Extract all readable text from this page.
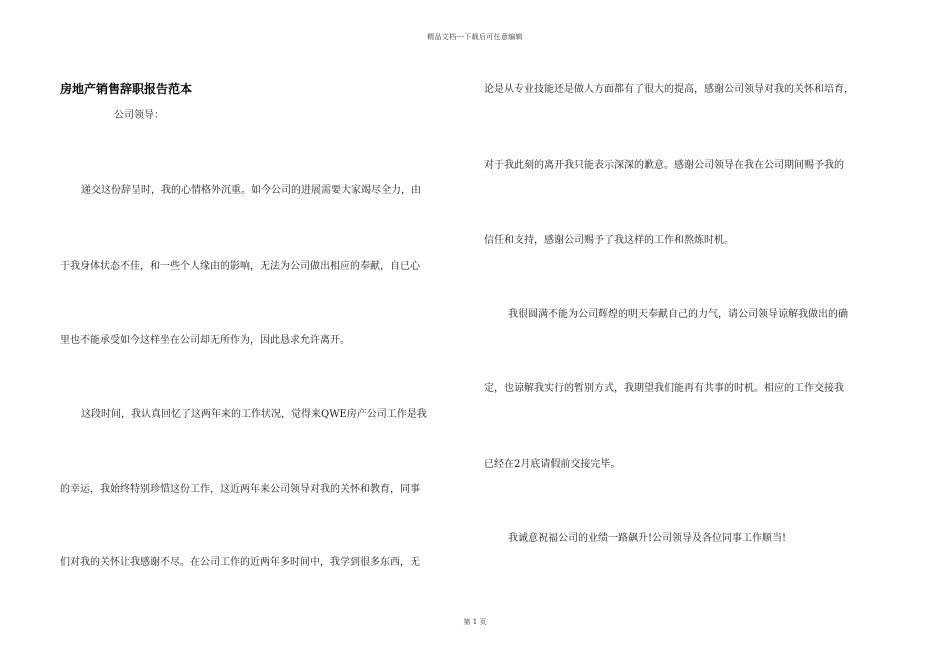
精品文档---下载后可任意编辑
房地产销售辞职报告范本
公司领导：
递交这份辞呈时，我的心情格外沉重。如今公司的进展需要大家竭尽全力，由
于我身体状态不佳，和一些个人缘由的影响，无法为公司做出相应的奉献，自已心
里也不能承受如今这样坐在公司却无所作为，因此恳求允许离开。
这段时间，我认真回忆了这两年来的工作状况，觉得来QWE房产公司工作是我
的幸运，我始终特别珍惜这份工作，这近两年来公司领导对我的关怀和教育，同事
们对我的关怀让我感谢不尽。在公司工作的近两年多时间中，我学到很多东西，无
论是从专业技能还是做人方面都有了很大的提高，感谢公司领导对我的关怀和培育，
对于我此刻的离开我只能表示深深的歉意。感谢公司领导在我在公司期间赐予我的
信任和支持，感谢公司赐予了我这样的工作和熬炼时机。
我很圆满不能为公司辉煌的明天奉献自己的力气，请公司领导谅解我做出的确
定，也谅解我实行的暂别方式，我期望我们能再有共事的时机。相应的工作交接我
已经在2月底请假前交接完毕。
我诚意祝福公司的业绩一路飙升!公司领导及各位同事工作顺当!
第 1 页
